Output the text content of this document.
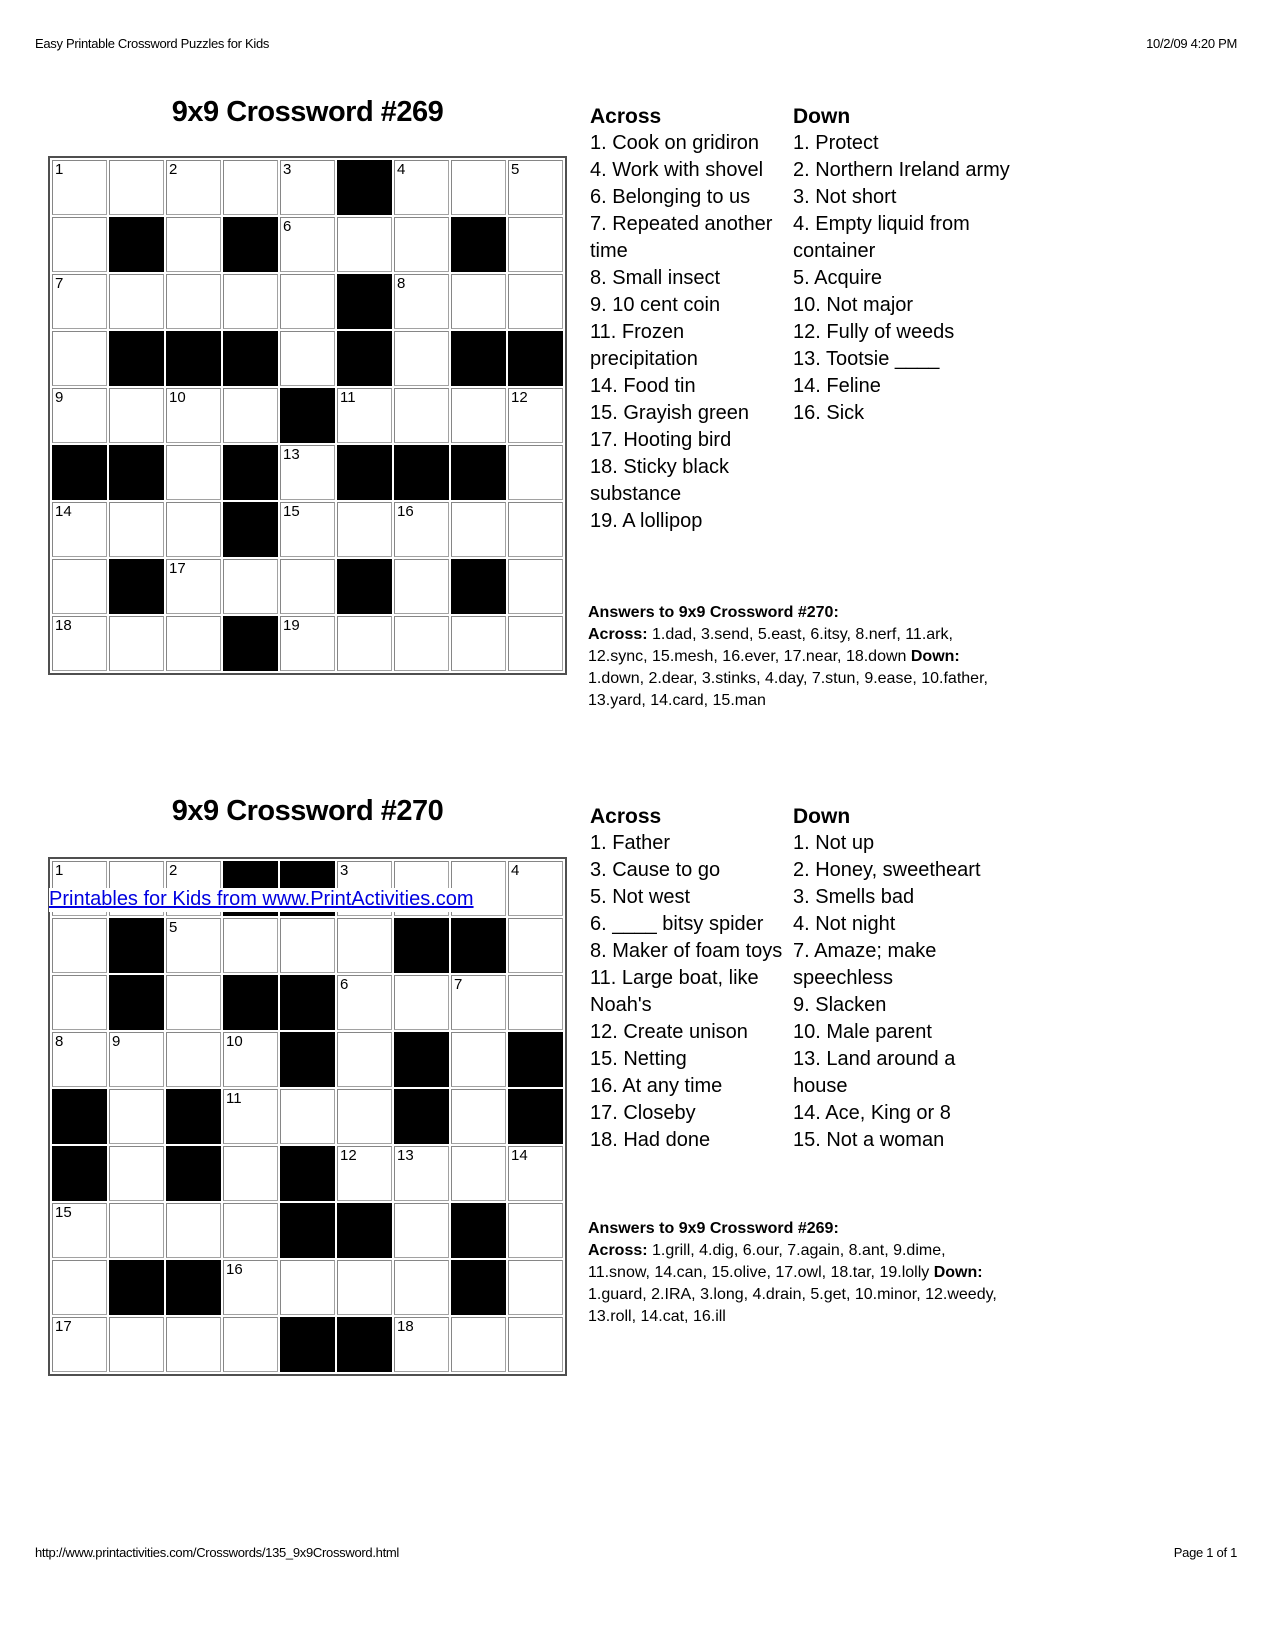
Easy Printable Crossword Puzzles for Kids	10/2/09 4:20 PM
9x9 Crossword #269
1		2		3		4		5

				6				

7						8		

9		10			11			12

				13				

14				15		16		

		17						

18				19				

Across
1. Cook on gridiron
4. Work with shovel
6. Belonging to us
7. Repeated another time
8. Small insect
9. 10 cent coin
11. Frozen precipitation
14. Food tin
15. Grayish green
17. Hooting bird
18. Sticky black substance
19. A lollipop
Down
1. Protect
2. Northern Ireland army
3. Not short
4. Empty liquid from container
5. Acquire
10. Not major
12. Fully of weeds
13. Tootsie ____
14. Feline
16. Sick
Answers to 9x9 Crossword #270:
Across: 1.dad, 3.send, 5.east, 6.itsy, 8.nerf, 11.ark,
12.sync, 15.mesh, 16.ever, 17.near, 18.down Down:
1.down, 2.dear, 3.stinks, 4.day, 7.stun, 9.ease, 10.father,
13.yard, 14.card, 15.man
9x9 Crossword #270
1		2			3			4

		5						

					6		7	

8	9		10					

			11					

					12	13		14

15								

			16					

17						18		

Printables for Kids from www.PrintActivities.com
Across
1. Father
3. Cause to go
5. Not west
6. ____ bitsy spider
8. Maker of foam toys
11. Large boat, like Noah's
12. Create unison
15. Netting
16. At any time
17. Closeby
18. Had done
Down
1. Not up
2. Honey, sweetheart
3. Smells bad
4. Not night
7. Amaze; make speechless
9. Slacken
10. Male parent
13. Land around a house
14. Ace, King or 8
15. Not a woman
Answers to 9x9 Crossword #269:
Across: 1.grill, 4.dig, 6.our, 7.again, 8.ant, 9.dime,
11.snow, 14.can, 15.olive, 17.owl, 18.tar, 19.lolly Down:
1.guard, 2.IRA, 3.long, 4.drain, 5.get, 10.minor, 12.weedy,
13.roll, 14.cat, 16.ill
http://www.printactivities.com/Crosswords/135_9x9Crossword.html	Page 1 of 1
